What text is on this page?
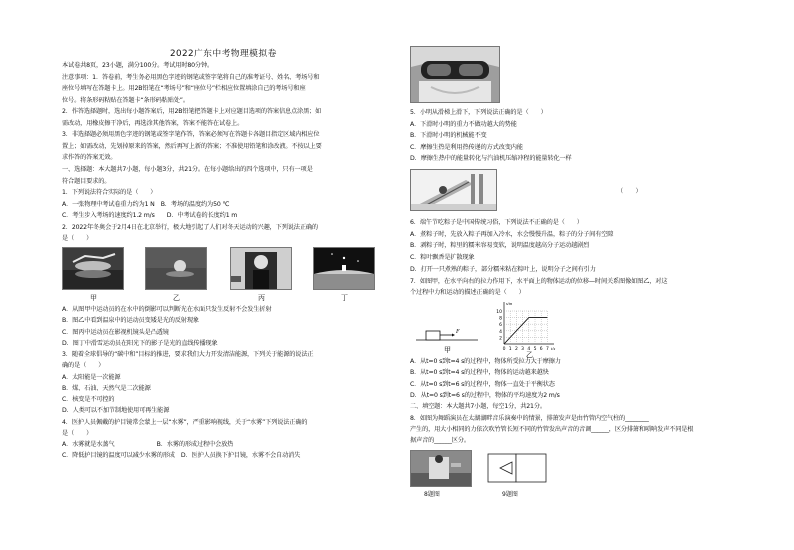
2022广东中考物理模拟卷
本试卷共8页，23小题，满分100分。考试用时80分钟。
注意事项：1．答卷前，考生务必用黑色字迹的钢笔或签字笔将自己的准考证号、姓名、考场号和
座位号填写在答题卡上。用2B铅笔在“考场号”和“座位号”栏相应位置填涂自己的考场号和座
位号。将条形码粘贴在答题卡“条形码粘贴处”。
2．作答选择题时，选出每小题答案后，用2B铅笔把答题卡上对应题目选项的答案信息点涂黑；如
需改动，用橡皮擦干净后，再选涂其他答案，答案不能答在试卷上。
3．非选择题必须用黑色字迹的钢笔或签字笔作答，答案必须写在答题卡各题目指定区域内相应位
置上；如需改动，先划掉原来的答案，然后再写上新的答案；不准使用铅笔和涂改液。不按以上要
求作答的答案无效。
一、选择题：本大题共7小题，每小题3分，共21分。在每小题给出的四个选项中，只有一项是
符合题目要求的。
1．下列说法符合实际的是（　　）
A．一张物理中考试卷重力约为1 N　B．考场的温度约为50 ℃
C．考生步入考场的速度约1.2 m/s　　D．中考试卷的长度约1 m
2．2022年冬奥会于2月4日在北京举行，极大地引起了人们对冬天运动的兴趣，下列说法正确的
是（　　）
甲	乙	丙	丁
A．从图甲中运动员的在水中的倒影可以判断光在水面只发生反射不会发生折射
B．图乙中看到温泉中的运动员变矮是光的反射现象
C．图丙中运动员在影视机镜头是凸透镜
D．图丁中滑雪运动员在阳光下的影子是光的直线传播现象
3．随着全球倡导的“碳中和”目标的推进，要求我们大力开发清洁能源，下列关于能源的说法正
确的是（　　）
A．太阳能是一次能源
B．煤、石油、天然气是二次能源
C．核变是不可控的
D．人类可以不加节制地使用可再生能源
4．医护人员佩戴的护目镜常会蒙上一层“水雾”，严重影响视线，关于“水雾”下列说法正确的
是（　　）
A．水雾就是水蒸气　　　　　　　B．水雾的形成过程中会放热
C．降低护目镜的温度可以减少水雾的形成　D．医护人员换下护目镜，水雾不会自动消失
5．小明从滑梯上滑下，下列说法正确的是（　　）
A．下滑时小明的重力不做功越大的势能
B．下滑时小明的机械能不变
C．摩擦生热是利用热传递的方式改变内能
D．摩擦生热中的能量转化与汽油机压缩冲程的能量转化一样
（　　）
6．端午节吃粽子是中国传统习俗，下列说法不正确的是（　　）
A．煮粽子时，先放入粽子再加入冷水，水会慢慢升温，粽子的分子间有空隙
B．剥粽子时，粽里的糯米容易变软，说明温度越高分子运动越剧烈
C．粽叶飘香是扩散现象
D．打开一只煮熟的粽子，部分糯米粘在粽叶上，说明分子之间有引力
7．如图甲，在水平向右的拉力作用下，水平面上的物体运动的位移—时间关系图像如图乙，对这
个过程中力和运动的描述正确的是（　　）
F
甲
10
8
6
4
2
0 1 2 3 4 5 6 7
s/m
t/s
乙
A．从t=0 s到t=4 s的过程中，物体所受拉力大于摩擦力
B．从t=0 s到t=4 s的过程中，物体的运动越来越快
C．从t=0 s到t=6 s的过程中，物体一直处于平衡状态
D．从t=0 s到t=6 s的过程中，物体的平均速度为2 m/s
二、填空题：本大题共7小题，每空1分，共21分。
8．如图为舞蹈演员在太湖湖畔音乐演奏中的情景，排箫发声是由竹管内空气柱的________
产生的，用大小相同的力依次吹竹管长短不同的竹管发出声音的音调______，区分排箫和唢呐发声不同是根
据声音的______区分。
8题图	9题图
